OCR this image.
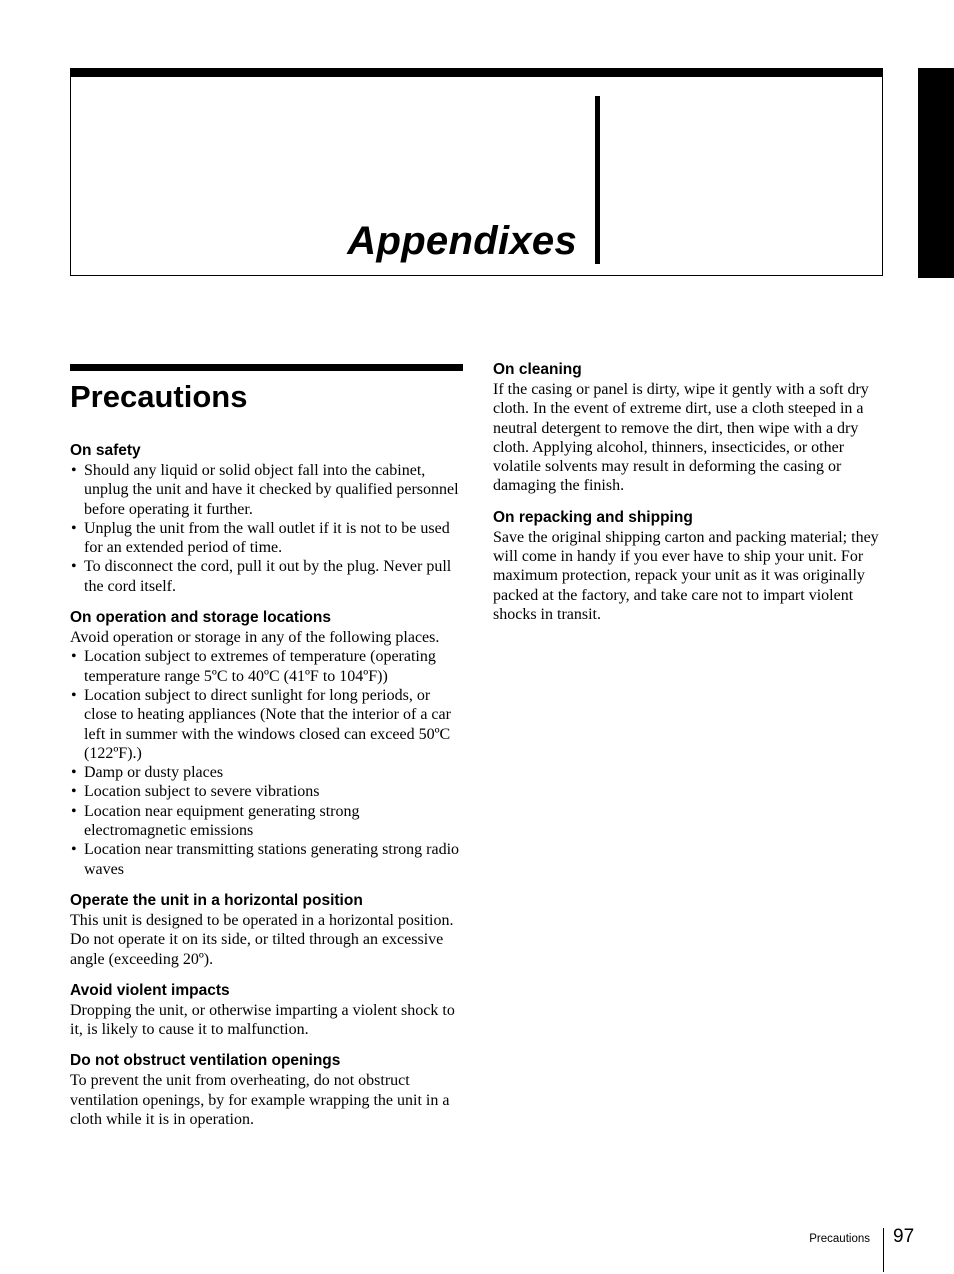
Appendixes
Precautions
On safety
• Should any liquid or solid object fall into the cabinet, unplug the unit and have it checked by qualified personnel before operating it further.
• Unplug the unit from the wall outlet if it is not to be used for an extended period of time.
• To disconnect the cord, pull it out by the plug. Never pull the cord itself.
On operation and storage locations

Avoid operation or storage in any of the following places.

• Location subject to extremes of temperature (operating temperature range 5ºC to 40ºC (41ºF to 104ºF))
• Location subject to direct sunlight for long periods, or close to heating appliances (Note that the interior of a car left in summer with the windows closed can exceed 50ºC (122ºF).)
• Damp or dusty places
• Location subject to severe vibrations
• Location near equipment generating strong electromagnetic emissions
• Location near transmitting stations generating strong radio waves
Operate the unit in a horizontal position

This unit is designed to be operated in a horizontal position. Do not operate it on its side, or tilted through an excessive angle (exceeding 20º).

Avoid violent impacts

Dropping the unit, or otherwise imparting a violent shock to it, is likely to cause it to malfunction.

Do not obstruct ventilation openings

To prevent the unit from overheating, do not obstruct ventilation openings, by for example wrapping the unit in a cloth while it is in operation.

On cleaning

If the casing or panel is dirty, wipe it gently with a soft dry cloth. In the event of extreme dirt, use a cloth steeped in a neutral detergent to remove the dirt, then wipe with a dry cloth. Applying alcohol, thinners, insecticides, or other volatile solvents may result in deforming the casing or damaging the finish.

On repacking and shipping

Save the original shipping carton and packing material; they will come in handy if you ever have to ship your unit. For maximum protection, repack your unit as it was originally packed at the factory, and take care not to impart violent shocks in transit.

Precautions 97
